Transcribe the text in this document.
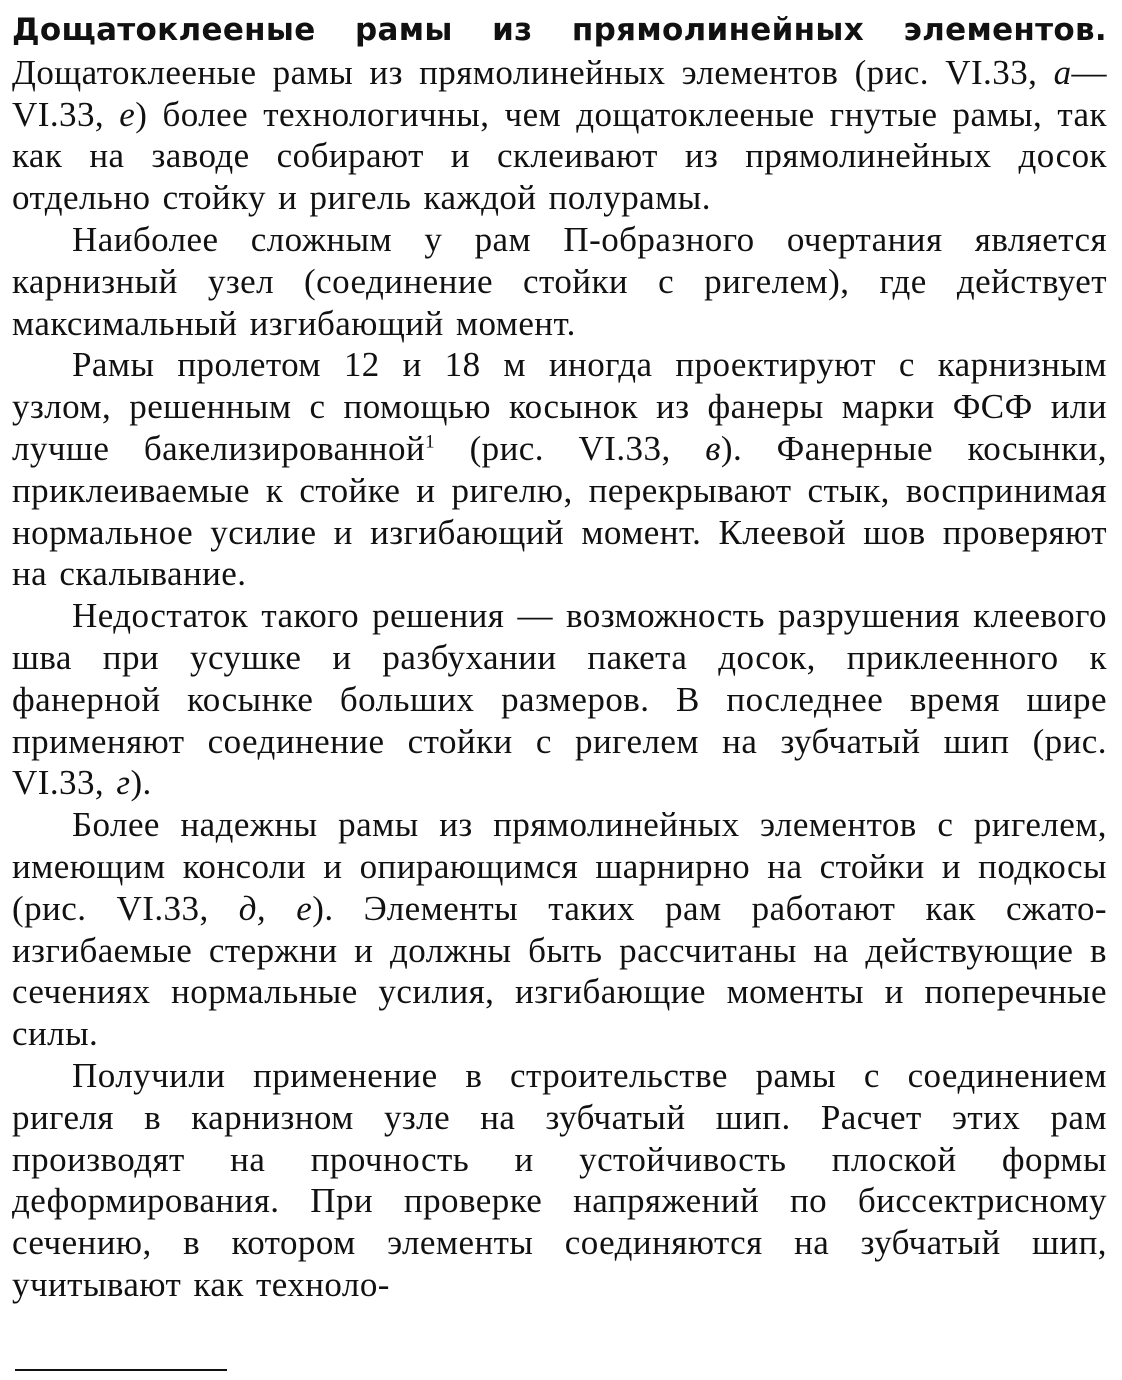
Дощатоклееные рамы из прямолинейных элементов. Дощатоклееные рамы из прямолинейных элементов (рис. VI.33, а—VI.33, е) более технологичны, чем дощатоклееные гнутые рамы, так как на заводе собирают и склеивают из прямолинейных досок отдельно стойку и ригель каждой полурамы.

Наиболее сложным у рам П-образного очертания является карнизный узел (соединение стойки с ригелем), где действует максимальный изгибающий момент.

Рамы пролетом 12 и 18 м иногда проектируют с карнизным узлом, решенным с помощью косынок из фанеры марки ФСФ или лучше бакелизированной$^1$ (рис. VI.33, в). Фанерные косынки, приклеиваемые к стойке и ригелю, перекрывают стык, воспринимая нормальное усилие и изгибающий момент. Клеевой шов проверяют на скалывание.

Недостаток такого решения — возможность разрушения клеевого шва при усушке и разбухании пакета досок, приклеенного к фанерной косынке больших размеров. В последнее время шире применяют соединение стойки с ригелем на зубчатый шип (рис. VI.33, г).

Более надежны рамы из прямолинейных элементов с ригелем, имеющим консоли и опирающимся шарнирно на стойки и подкосы (рис. VI.33, д, е). Элементы таких рам работают как сжато-изгибаемые стержни и должны быть рассчитаны на действующие в сечениях нормальные усилия, изгибающие моменты и поперечные силы.

Получили применение в строительстве рамы с соединением ригеля в карнизном узле на зубчатый шип. Расчет этих рам производят на прочность и устойчивость плоской формы деформирования. При проверке напряжений по биссектрисному сечению, в котором элементы соединяются на зубчатый шип, учитывают как техноло-
